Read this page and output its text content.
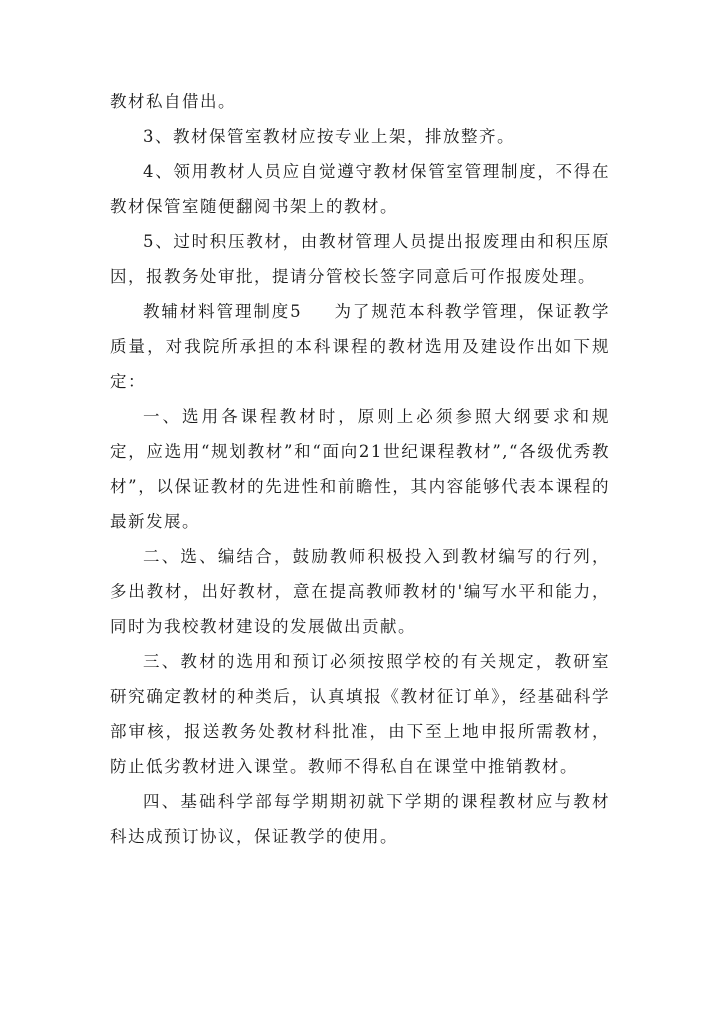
教材私自借出。

3、教材保管室教材应按专业上架，排放整齐。

4、领用教材人员应自觉遵守教材保管室管理制度，不得在教材保管室随便翻阅书架上的教材。

5、过时积压教材，由教材管理人员提出报废理由和积压原因，报教务处审批，提请分管校长签字同意后可作报废处理。

教辅材料管理制度5 为了规范本科教学管理，保证教学质量，对我院所承担的本科课程的教材选用及建设作出如下规定：

一、选用各课程教材时，原则上必须参照大纲要求和规定，应选用“规划教材”和“面向21世纪课程教材”,“各级优秀教材”，以保证教材的先进性和前瞻性，其内容能够代表本课程的最新发展。

二、选、编结合，鼓励教师积极投入到教材编写的行列，多出教材，出好教材，意在提高教师教材的'编写水平和能力，同时为我校教材建设的发展做出贡献。

三、教材的选用和预订必须按照学校的有关规定，教研室研究确定教材的种类后，认真填报《教材征订单》，经基础科学部审核，报送教务处教材科批准，由下至上地申报所需教材，防止低劣教材进入课堂。教师不得私自在课堂中推销教材。

四、基础科学部每学期期初就下学期的课程教材应与教材科达成预订协议，保证教学的使用。
